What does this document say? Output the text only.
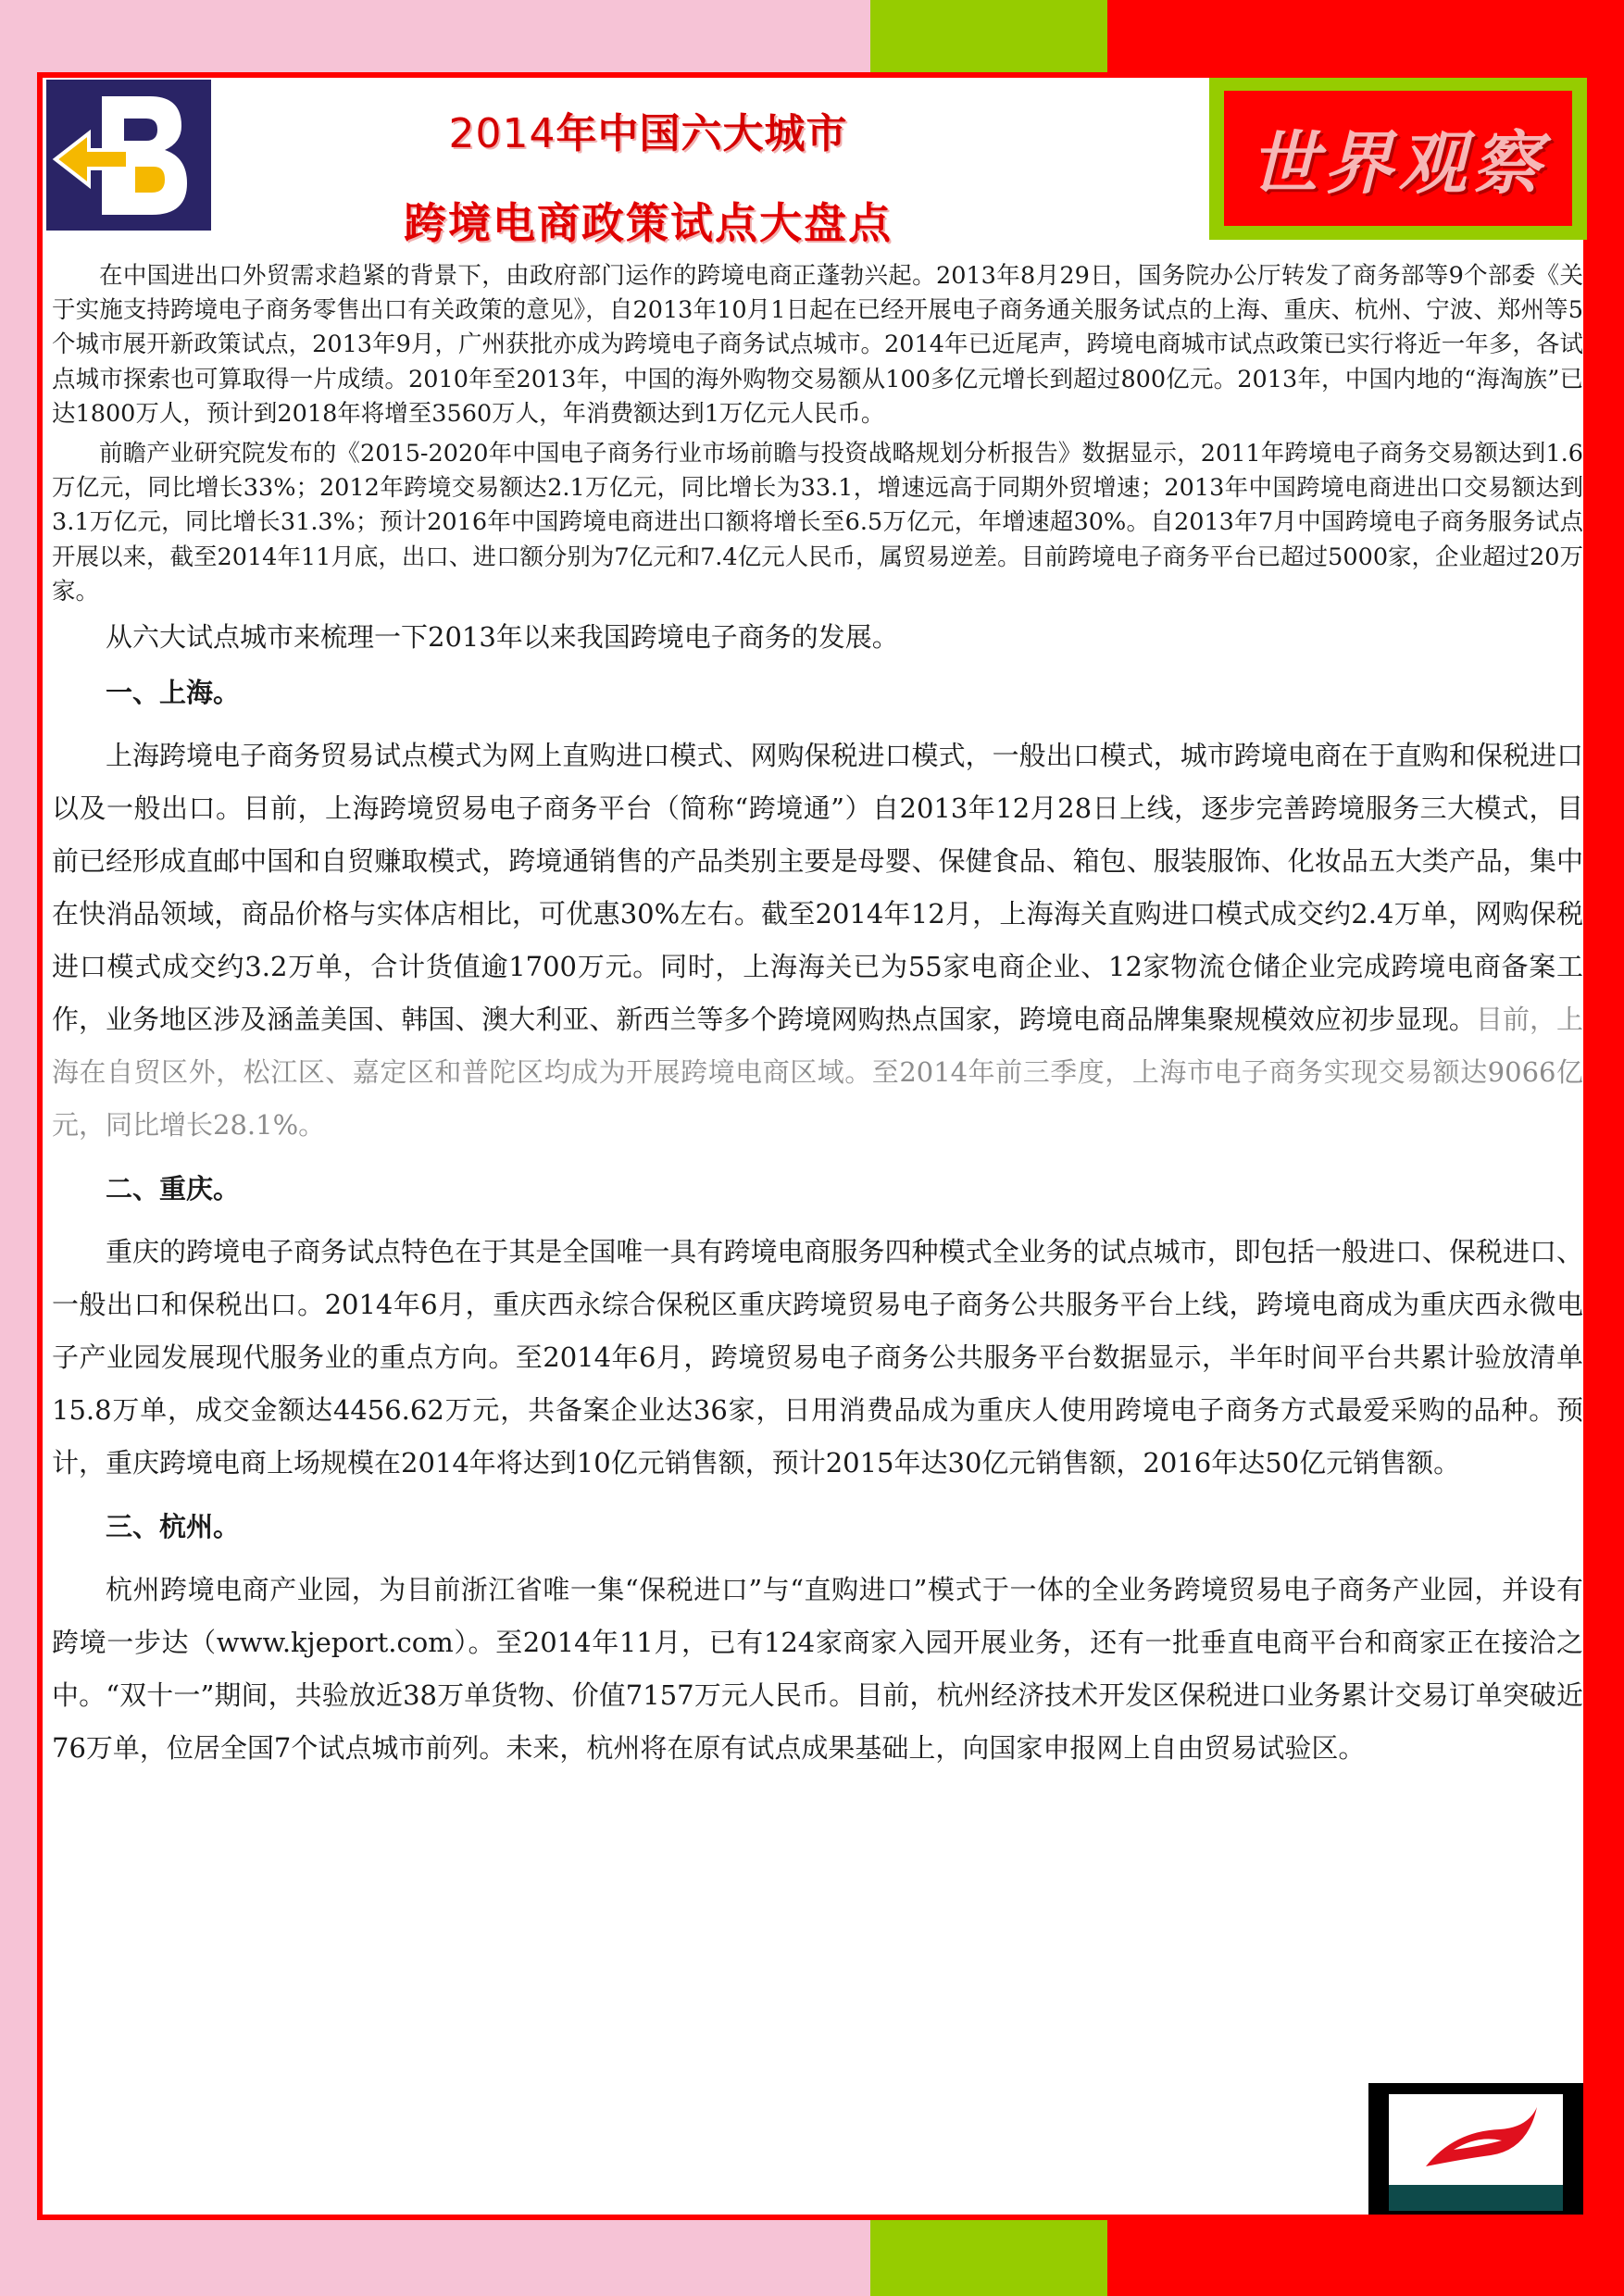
2014年中国六大城市
跨境电商政策试点大盘点
世界观察

在中国进出口外贸需求趋紧的背景下，由政府部门运作的跨境电商正蓬勃兴起。2013年8月29日，国务院办公厅转发了商务部等9个部委《关于实施支持跨境电子商务零售出口有关政策的意见》，自2013年10月1日起在已经开展电子商务通关服务试点的上海、重庆、杭州、宁波、郑州等5个城市展开新政策试点，2013年9月，广州获批亦成为跨境电子商务试点城市。2014年已近尾声，跨境电商城市试点政策已实行将近一年多，各试点城市探索也可算取得一片成绩。2010年至2013年，中国的海外购物交易额从100多亿元增长到超过800亿元。2013年，中国内地的“海淘族”已达1800万人，预计到2018年将增至3560万人，年消费额达到1万亿元人民币。

前瞻产业研究院发布的《2015-2020年中国电子商务行业市场前瞻与投资战略规划分析报告》数据显示，2011年跨境电子商务交易额达到1.6万亿元，同比增长33%；2012年跨境交易额达2.1万亿元，同比增长为33.1，增速远高于同期外贸增速；2013年中国跨境电商进出口交易额达到3.1万亿元，同比增长31.3%；预计2016年中国跨境电商进出口额将增长至6.5万亿元，年增速超30%。自2013年7月中国跨境电子商务服务试点开展以来，截至2014年11月底，出口、进口额分别为7亿元和7.4亿元人民币，属贸易逆差。目前跨境电子商务平台已超过5000家，企业超过20万家。

从六大试点城市来梳理一下2013年以来我国跨境电子商务的发展。

一、上海。

上海跨境电子商务贸易试点模式为网上直购进口模式、网购保税进口模式，一般出口模式，城市跨境电商在于直购和保税进口以及一般出口。目前，上海跨境贸易电子商务平台（简称“跨境通”）自2013年12月28日上线，逐步完善跨境服务三大模式，目前已经形成直邮中国和自贸赚取模式，跨境通销售的产品类别主要是母婴、保健食品、箱包、服装服饰、化妆品五大类产品，集中在快消品领域，商品价格与实体店相比，可优惠30%左右。截至2014年12月，上海海关直购进口模式成交约2.4万单，网购保税进口模式成交约3.2万单，合计货值逾1700万元。同时，上海海关已为55家电商企业、12家物流仓储企业完成跨境电商备案工作，业务地区涉及涵盖美国、韩国、澳大利亚、新西兰等多个跨境网购热点国家，跨境电商品牌集聚规模效应初步显现。目前，上海在自贸区外，松江区、嘉定区和普陀区均成为开展跨境电商区域。至2014年前三季度，上海市电子商务实现交易额达9066亿元，同比增长28.1%。

二、重庆。

重庆的跨境电子商务试点特色在于其是全国唯一具有跨境电商服务四种模式全业务的试点城市，即包括一般进口、保税进口、一般出口和保税出口。2014年6月，重庆西永综合保税区重庆跨境贸易电子商务公共服务平台上线，跨境电商成为重庆西永微电子产业园发展现代服务业的重点方向。至2014年6月，跨境贸易电子商务公共服务平台数据显示，半年时间平台共累计验放清单15.8万单，成交金额达4456.62万元，共备案企业达36家，日用消费品成为重庆人使用跨境电子商务方式最爱采购的品种。预计，重庆跨境电商上场规模在2014年将达到10亿元销售额，预计2015年达30亿元销售额，2016年达50亿元销售额。

三、杭州。

杭州跨境电商产业园，为目前浙江省唯一集“保税进口”与“直购进口”模式于一体的全业务跨境贸易电子商务产业园，并设有跨境一步达（www.kjeport.com）。至2014年11月，已有124家商家入园开展业务，还有一批垂直电商平台和商家正在接洽之中。“双十一”期间，共验放近38万单货物、价值7157万元人民币。目前，杭州经济技术开发区保税进口业务累计交易订单突破近76万单，位居全国7个试点城市前列。未来，杭州将在原有试点成果基础上，向国家申报网上自由贸易试验区。
